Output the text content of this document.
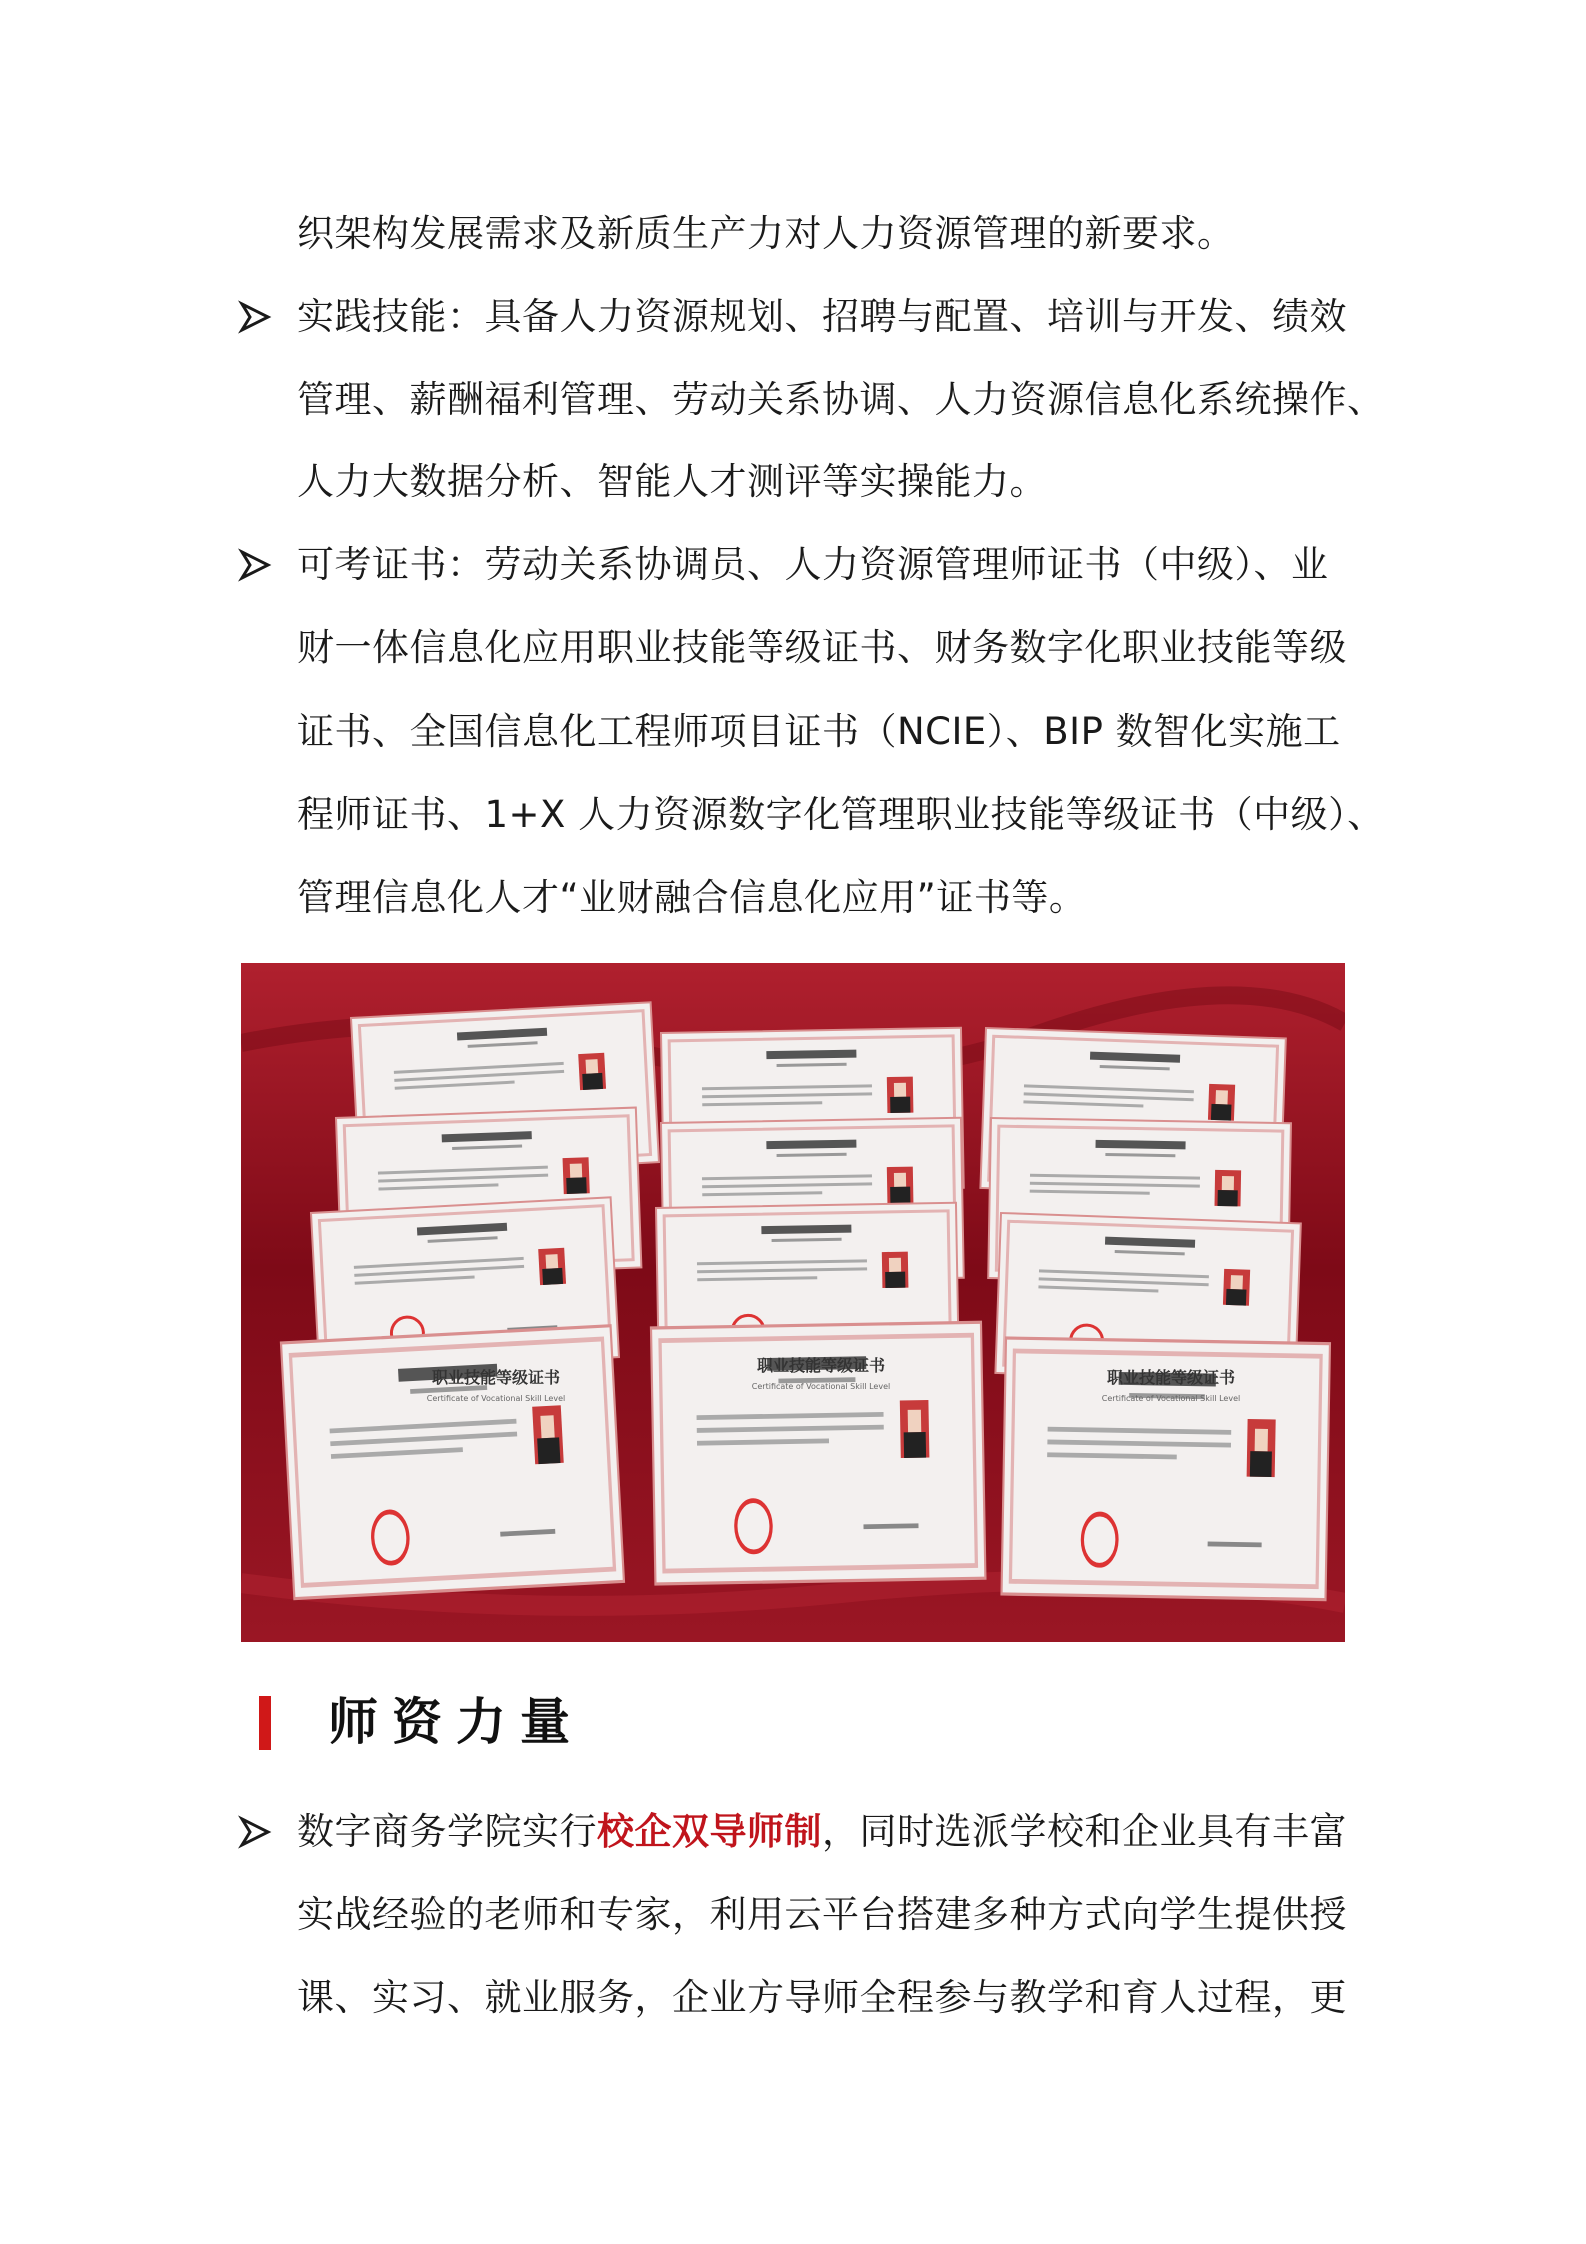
织架构发展需求及新质生产力对人力资源管理的新要求。
实践技能：具备人力资源规划、招聘与配置、培训与开发、绩效
管理、薪酬福利管理、劳动关系协调、人力资源信息化系统操作、
人力大数据分析、智能人才测评等实操能力。
可考证书：劳动关系协调员、人力资源管理师证书（中级）、业
财一体信息化应用职业技能等级证书、财务数字化职业技能等级
证书、全国信息化工程师项目证书（NCIE）、BIP 数智化实施工
程师证书、1+X 人力资源数字化管理职业技能等级证书（中级）、
管理信息化人才“业财融合信息化应用”证书等。
职业技能等级证书
职业技能等级证书
职业技能等级证书
Certificate of Vocational Skill Level
Certificate of Vocational Skill Level
Certificate of Vocational Skill Level
师资力量
数字商务学院实行校企双导师制，同时选派学校和企业具有丰富
实战经验的老师和专家，利用云平台搭建多种方式向学生提供授
课、实习、就业服务，企业方导师全程参与教学和育人过程，更
